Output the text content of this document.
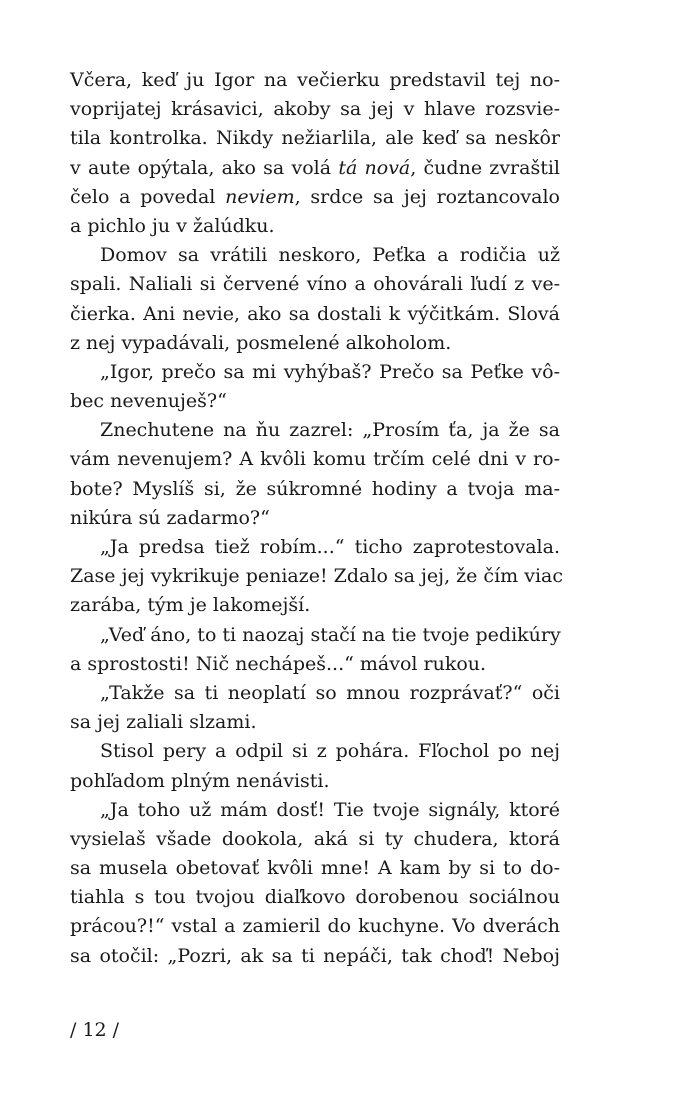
Včera, keď ju Igor na večierku predstavil tej no-
voprijatej krásavici, akoby sa jej v hlave rozsvie-
tila kontrolka. Nikdy nežiarlila, ale keď sa neskôr
v aute opýtala, ako sa volá tá nová, čudne zvraštil
čelo a povedal neviem, srdce sa jej roztancovalo
a pichlo ju v žalúdku.
Domov sa vrátili neskoro, Peťka a rodičia už
spali. Naliali si červené víno a ohovárali ľudí z ve-
čierka. Ani nevie, ako sa dostali k výčitkám. Slová
z nej vypadávali, posmelené alkoholom.
„Igor, prečo sa mi vyhýbaš? Prečo sa Peťke vô-
bec nevenuješ?“
Znechutene na ňu zazrel: „Prosím ťa, ja že sa
vám nevenujem? A kvôli komu trčím celé dni v ro-
bote? Myslíš si, že súkromné hodiny a tvoja ma-
nikúra sú zadarmo?“
„Ja predsa tiež robím...“ ticho zaprotestovala.
Zase jej vykrikuje peniaze! Zdalo sa jej, že čím viac
zarába, tým je lakomejší.
„Veď áno, to ti naozaj stačí na tie tvoje pedikúry
a sprostosti! Nič nechápeš...“ mávol rukou.
„Takže sa ti neoplatí so mnou rozprávať?“ oči
sa jej zaliali slzami.
Stisol pery a odpil si z pohára. Fľochol po nej
pohľadom plným nenávisti.
„Ja toho už mám dosť! Tie tvoje signály, ktoré
vysielaš všade dookola, aká si ty chudera, ktorá
sa musela obetovať kvôli mne! A kam by si to do-
tiahla s tou tvojou diaľkovo dorobenou sociálnou
prácou?!“ vstal a zamieril do kuchyne. Vo dverách
sa otočil: „Pozri, ak sa ti nepáči, tak choď! Neboj
/ 12 /
